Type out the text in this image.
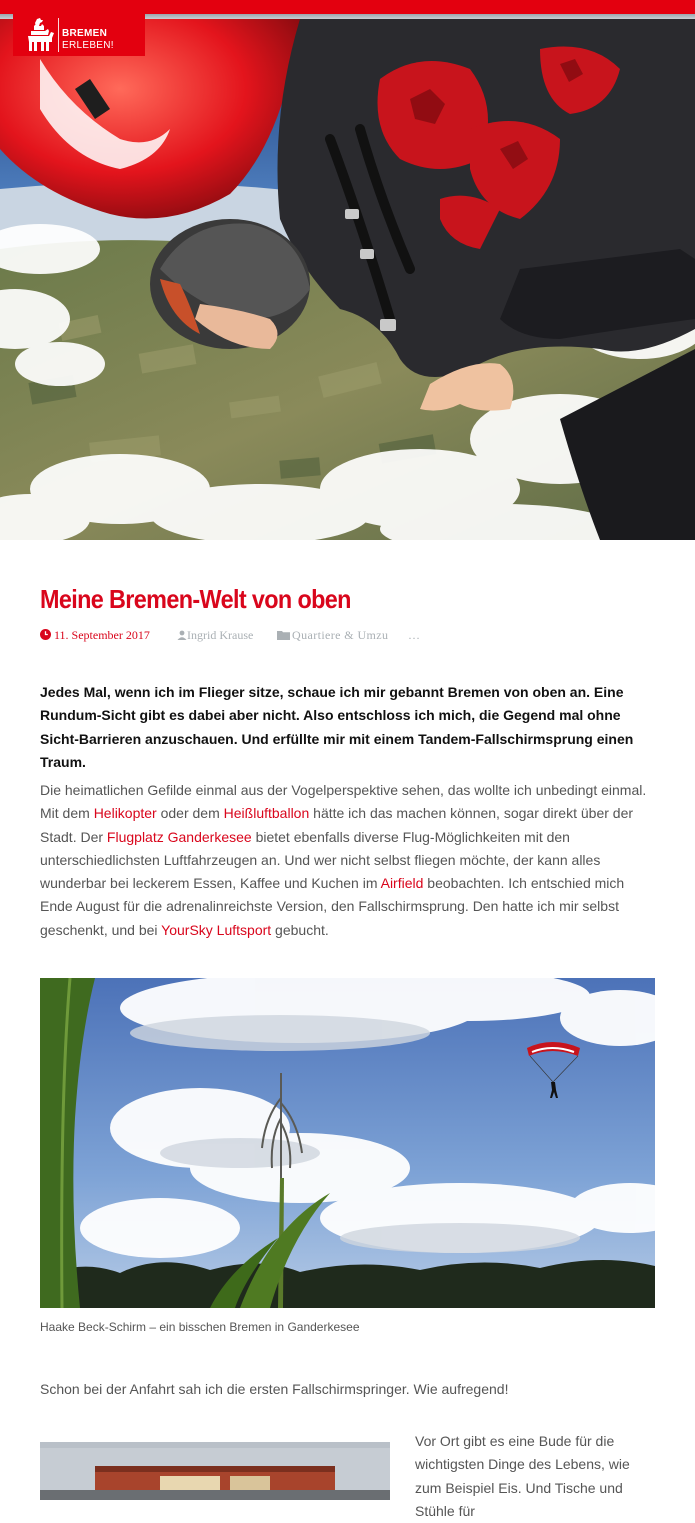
BREMEN
ERLEBEN!
Meine Bremen-Welt von oben
11. September 2017	Ingrid Krause	Quartiere & Umzu …

Jedes Mal, wenn ich im Flieger sitze, schaue ich mir gebannt Bremen von oben an. Eine Rundum-Sicht gibt es dabei aber nicht. Also entschloss ich mich, die Gegend mal ohne Sicht-Barrieren anzuschauen. Und erfüllte mir mit einem Tandem-Fallschirmsprung einen Traum.

Die heimatlichen Gefilde einmal aus der Vogelperspektive sehen, das wollte ich unbedingt einmal. Mit dem Helikopter oder dem Heißluftballon hätte ich das machen können, sogar direkt über der Stadt. Der Flugplatz Ganderkesee bietet ebenfalls diverse Flug-Möglichkeiten mit den unterschiedlichsten Luftfahrzeugen an. Und wer nicht selbst fliegen möchte, der kann alles wunderbar bei leckerem Essen, Kaffee und Kuchen im Airfield beobachten. Ich entschied mich Ende August für die adrenalinreichste Version, den Fallschirmsprung. Den hatte ich mir selbst geschenkt, und bei YourSky Luftsport gebucht.

Haake Beck-Schirm – ein bisschen Bremen in Ganderkesee

Schon bei der Anfahrt sah ich die ersten Fallschirmspringer. Wie aufregend!

Vor Ort gibt es eine Bude für die wichtigsten Dinge des Lebens, wie zum Beispiel Eis. Und Tische und Stühle für
